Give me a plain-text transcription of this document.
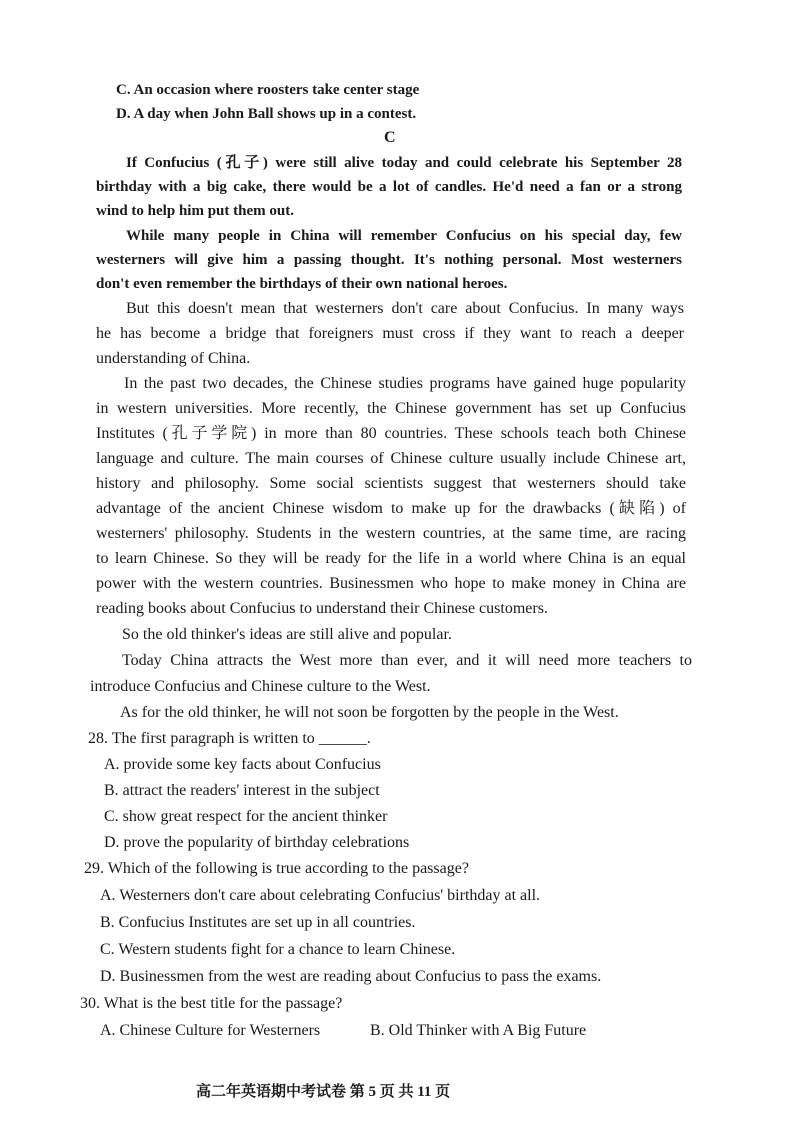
C. An occasion where roosters take center stage
D. A day when John Ball shows up in a contest.
C
If Confucius (孔子) were still alive today and could celebrate his September 28
birthday with a big cake, there would be a lot of candles. He'd need a fan or a strong
wind to help him put them out.
While many people in China will remember Confucius on his special day, few
westerners will give him a passing thought. It's nothing personal. Most westerners
don't even remember the birthdays of their own national heroes.
But this doesn't mean that westerners don't care about Confucius. In many ways
he has become a bridge that foreigners must cross if they want to reach a deeper
understanding of China.
In the past two decades, the Chinese studies programs have gained huge popularity
in western universities. More recently, the Chinese government has set up Confucius
Institutes (孔子学院) in more than 80 countries. These schools teach both Chinese
language and culture. The main courses of Chinese culture usually include Chinese art,
history and philosophy. Some social scientists suggest that westerners should take
advantage of the ancient Chinese wisdom to make up for the drawbacks (缺陷) of
westerners' philosophy. Students in the western countries, at the same time, are racing
to learn Chinese. So they will be ready for the life in a world where China is an equal
power with the western countries. Businessmen who hope to make money in China are
reading books about Confucius to understand their Chinese customers.
So the old thinker's ideas are still alive and popular.
Today China attracts the West more than ever, and it will need more teachers to
introduce Confucius and Chinese culture to the West.
As for the old thinker, he will not soon be forgotten by the people in the West.
28. The first paragraph is written to ______.
A. provide some key facts about Confucius
B. attract the readers' interest in the subject
C. show great respect for the ancient thinker
D. prove the popularity of birthday celebrations
29. Which of the following is true according to the passage?
A. Westerners don't care about celebrating Confucius' birthday at all.
B. Confucius Institutes are set up in all countries.
C. Western students fight for a chance to learn Chinese.
D. Businessmen from the west are reading about Confucius to pass the exams.
30. What is the best title for the passage?
A. Chinese Culture for Westerners	B. Old Thinker with A Big Future
高二年英语期中考试卷 第 5 页 共 11 页
